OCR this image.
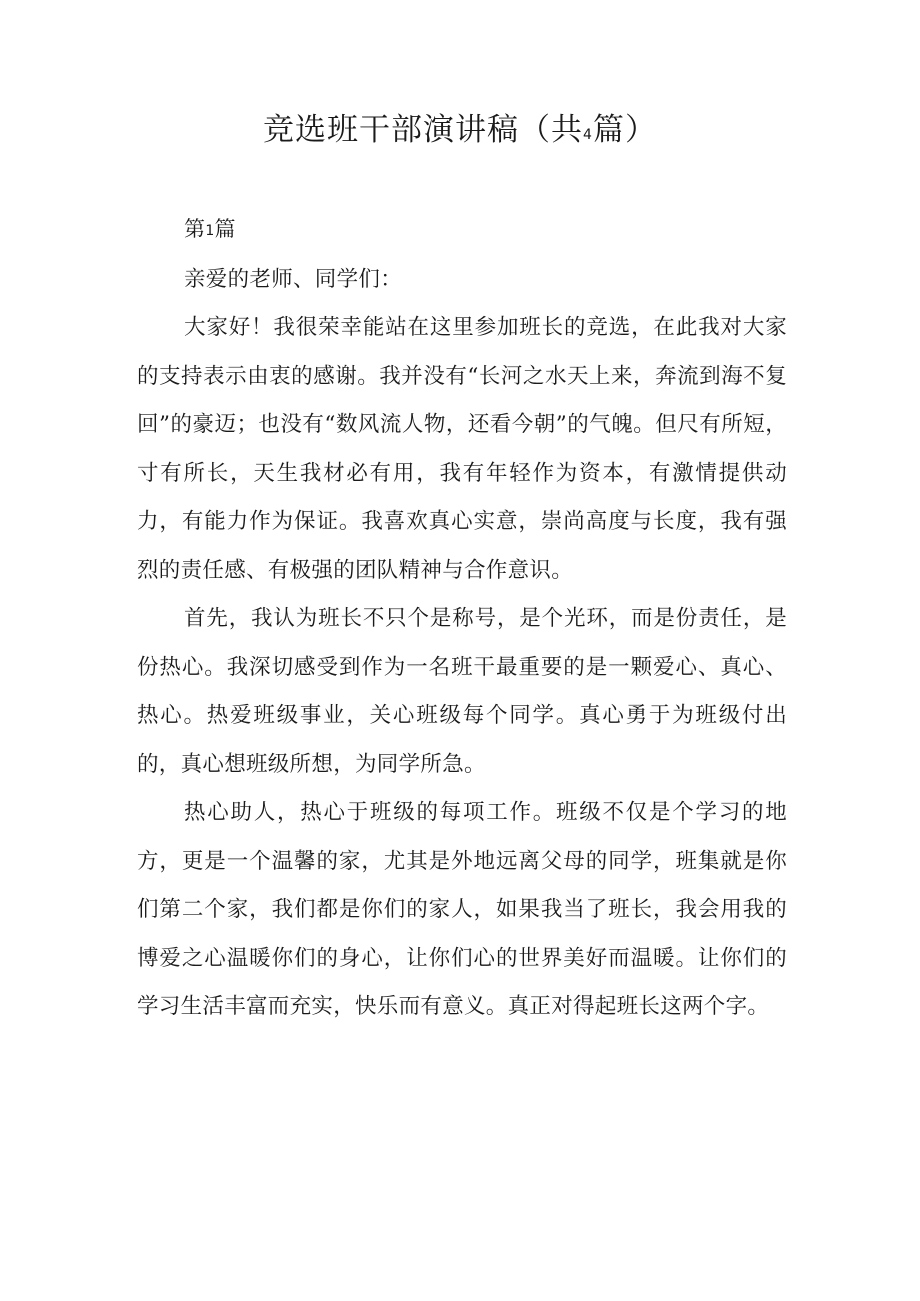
竞选班干部演讲稿（共4篇）

第1篇

亲爱的老师、同学们：

大家好！我很荣幸能站在这里参加班长的竞选，在此我对大家的支持表示由衷的感谢。我并没有“长河之水天上来，奔流到海不复回”的豪迈；也没有“数风流人物，还看今朝”的气魄。但尺有所短，寸有所长，天生我材必有用，我有年轻作为资本，有激情提供动力，有能力作为保证。我喜欢真心实意，崇尚高度与长度，我有强烈的责任感、有极强的团队精神与合作意识。

首先，我认为班长不只个是称号，是个光环，而是份责任，是份热心。我深切感受到作为一名班干最重要的是一颗爱心、真心、热心。热爱班级事业，关心班级每个同学。真心勇于为班级付出的，真心想班级所想，为同学所急。

热心助人，热心于班级的每项工作。班级不仅是个学习的地方，更是一个温馨的家，尤其是外地远离父母的同学，班集就是你们第二个家，我们都是你们的家人，如果我当了班长，我会用我的博爱之心温暖你们的身心，让你们心的世界美好而温暖。让你们的学习生活丰富而充实，快乐而有意义。真正对得起班长这两个字。
